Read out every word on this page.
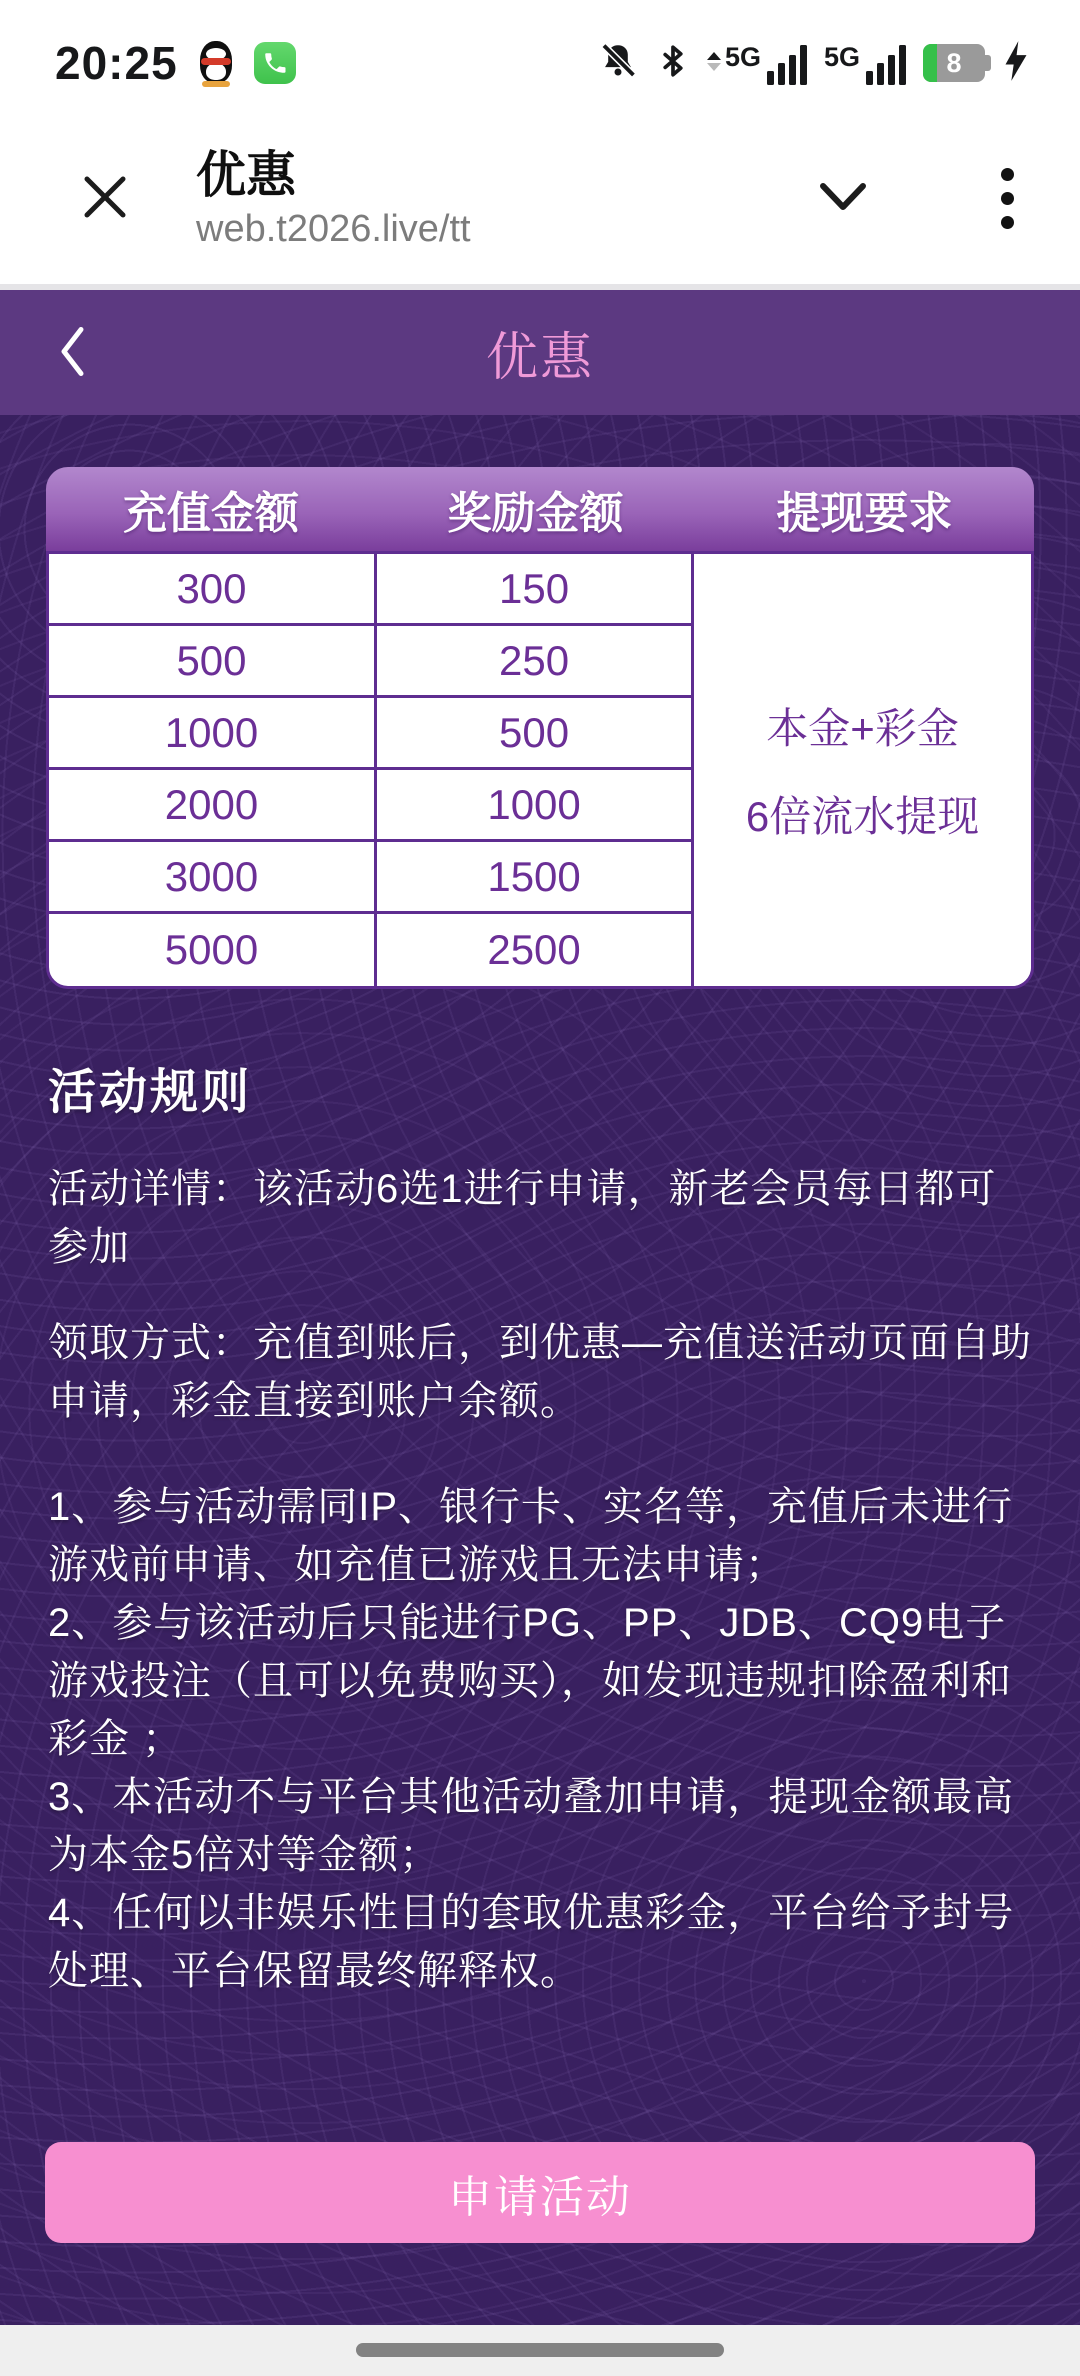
20:25	5G 5G	8
优惠
web.t2026.live/tt
优惠
充值金额	奖励金额	提现要求
本金+彩金
6倍流水提现
300	150
500	250
1000	500
2000	1000
3000	1500
5000	2500
活动规则

活动详情：该活动6选1进行申请，新老会员每日都可参加

领取方式：充值到账后，到优惠—充值送活动页面自助申请，彩金直接到账户余额。

1、参与活动需同IP、银行卡、实名等，充值后未进行游戏前申请、如充值已游戏且无法申请；

2、参与该活动后只能进行PG、PP、JDB、CQ9电子游戏投注（且可以免费购买），如发现违规扣除盈利和彩金 ；

3、本活动不与平台其他活动叠加申请，提现金额最高为本金5倍对等金额；

4、任何以非娱乐性目的套取优惠彩金，平台给予封号处理、平台保留最终解释权。

申请活动
